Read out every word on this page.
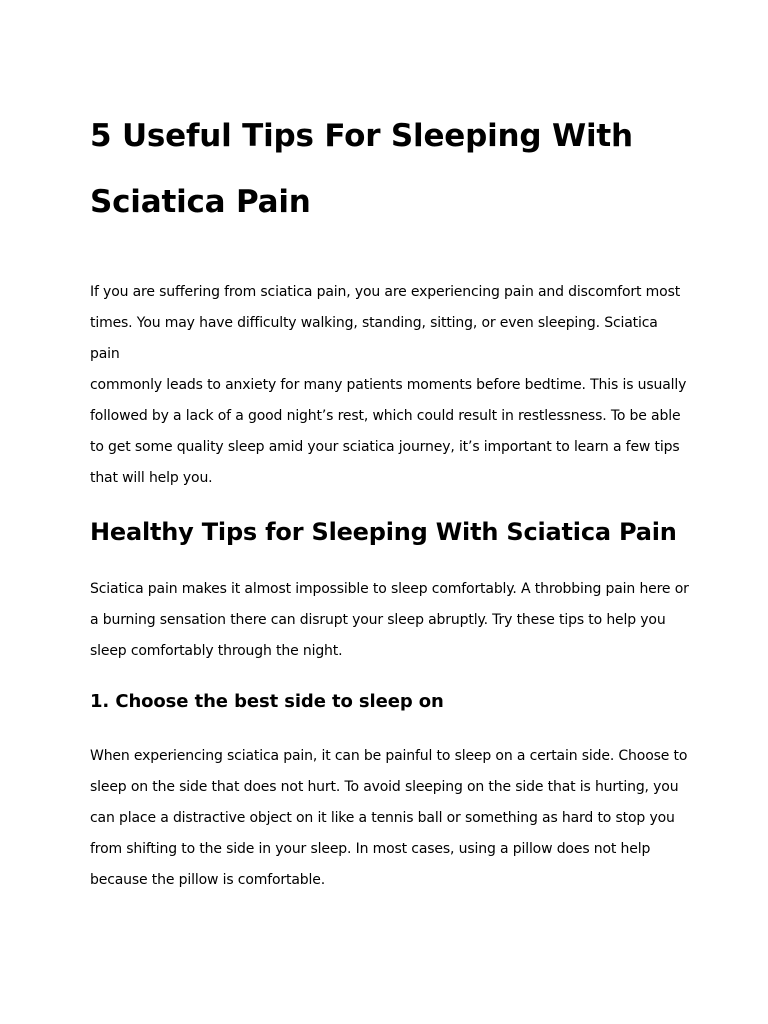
5 Useful Tips For Sleeping With
Sciatica Pain
If you are suffering from sciatica pain, you are experiencing pain and discomfort most
times. You may have difficulty walking, standing, sitting, or even sleeping. Sciatica pain
commonly leads to anxiety for many patients moments before bedtime. This is usually
followed by a lack of a good night’s rest, which could result in restlessness. To be able
to get some quality sleep amid your sciatica journey, it’s important to learn a few tips
that will help you.
Healthy Tips for Sleeping With Sciatica Pain
Sciatica pain makes it almost impossible to sleep comfortably. A throbbing pain here or
a burning sensation there can disrupt your sleep abruptly. Try these tips to help you
sleep comfortably through the night.
1. Choose the best side to sleep on
When experiencing sciatica pain, it can be painful to sleep on a certain side. Choose to
sleep on the side that does not hurt. To avoid sleeping on the side that is hurting, you
can place a distractive object on it like a tennis ball or something as hard to stop you
from shifting to the side in your sleep. In most cases, using a pillow does not help
because the pillow is comfortable.
